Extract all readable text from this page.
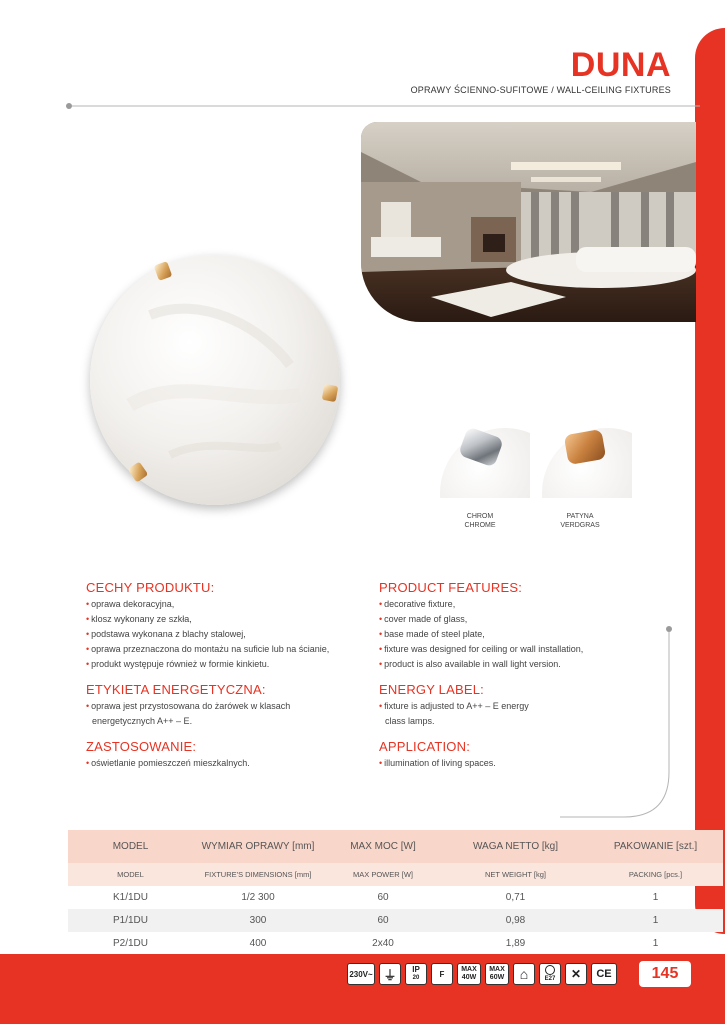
DUNA
OPRAWY ŚCIENNO-SUFITOWE / WALL-CEILING FIXTURES
CHROM
CHROME
PATYNA
VERDGRAS
CECHY PRODUKTU:
• oprawa dekoracyjna,
• klosz wykonany ze szkła,
• podstawa wykonana z blachy stalowej,
• oprawa przeznaczona do montażu na suficie lub na ścianie,
• produkt występuje również w formie kinkietu.
ETYKIETA ENERGETYCZNA:
• oprawa jest przystosowana do żarówek w klasach
energetycznych A++ – E.
ZASTOSOWANIE:
• oświetlanie pomieszczeń mieszkalnych.
PRODUCT FEATURES:
• decorative fixture,
• cover made of glass,
• base made of steel plate,
• fixture was designed for ceiling or wall installation,
• product is also available in wall light version.
ENERGY LABEL:
• fixture is adjusted to A++ – E energy
class lamps.
APPLICATION:
• illumination of living spaces.
MODEL	WYMIAR OPRAWY [mm]	MAX MOC [W]	WAGA NETTO [kg]	PAKOWANIE [szt.]
MODEL	FIXTURE'S DIMENSIONS [mm]	MAX POWER [W]	NET WEIGHT [kg]	PACKING [pcs.]
K1/1DU	1/2 300	60	0,71	1
P1/1DU	300	60	0,98	1
P2/1DU	400	2x40	1,89	1
230V~ ⏚ IP
20	F MAX
40W
MAX
60W ⌂	E27 ✕ CE	145
